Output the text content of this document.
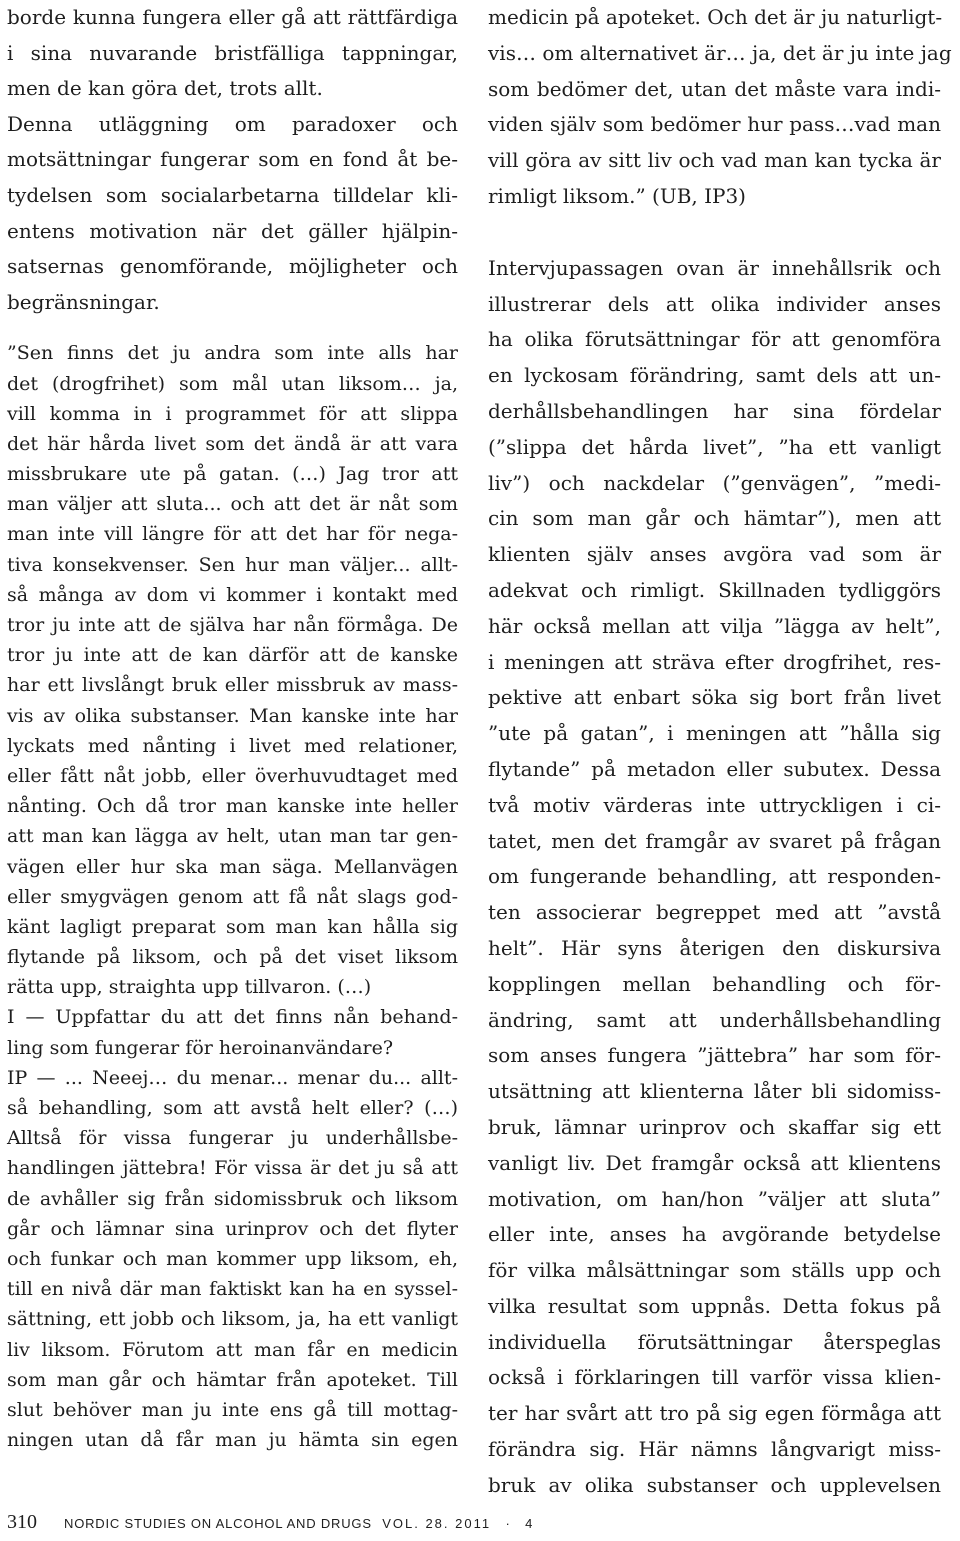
borde kunna fungera eller gå att rättfärdiga
i sina nuvarande bristfälliga tappningar,
men de kan göra det, trots allt.
Denna utläggning om paradoxer och
motsättningar fungerar som en fond åt be-
tydelsen som socialarbetarna tilldelar kli-
entens motivation när det gäller hjälpin-
satsernas genomförande, möjligheter och
begränsningar.
”Sen finns det ju andra som inte alls har
det (drogfrihet) som mål utan liksom… ja,
vill komma in i programmet för att slippa
det här hårda livet som det ändå är att vara
missbrukare ute på gatan. (…) Jag tror att
man väljer att sluta... och att det är nåt som
man inte vill längre för att det har för nega-
tiva konsekvenser. Sen hur man väljer... allt-
så många av dom vi kommer i kontakt med
tror ju inte att de själva har nån förmåga. De
tror ju inte att de kan därför att de kanske
har ett livslångt bruk eller missbruk av mass-
vis av olika substanser. Man kanske inte har
lyckats med nånting i livet med relationer,
eller fått nåt jobb, eller överhuvudtaget med
nånting. Och då tror man kanske inte heller
att man kan lägga av helt, utan man tar gen-
vägen eller hur ska man säga. Mellanvägen
eller smygvägen genom att få nåt slags god-
känt lagligt preparat som man kan hålla sig
flytande på liksom, och på det viset liksom
rätta upp, straighta upp tillvaron. (…)
I — Uppfattar du att det finns nån behand-
ling som fungerar för heroinanvändare?
IP — ... Neeej… du menar... menar du... allt-
så behandling, som att avstå helt eller? (…)
Alltså för vissa fungerar ju underhållsbe-
handlingen jättebra! För vissa är det ju så att
de avhåller sig från sidomissbruk och liksom
går och lämnar sina urinprov och det flyter
och funkar och man kommer upp liksom, eh,
till en nivå där man faktiskt kan ha en syssel-
sättning, ett jobb och liksom, ja, ha ett vanligt
liv liksom. Förutom att man får en medicin
som man går och hämtar från apoteket. Till
slut behöver man ju inte ens gå till mottag-
ningen utan då får man ju hämta sin egen
medicin på apoteket. Och det är ju naturligt-
vis… om alternativet är… ja, det är ju inte jag
som bedömer det, utan det måste vara indi-
viden själv som bedömer hur pass…vad man
vill göra av sitt liv och vad man kan tycka är
rimligt liksom.” (UB, IP3)
Intervjupassagen ovan är innehållsrik och
illustrerar dels att olika individer anses
ha olika förutsättningar för att genomföra
en lyckosam förändring, samt dels att un-
derhållsbehandlingen har sina fördelar
(”slippa det hårda livet”, ”ha ett vanligt
liv”) och nackdelar (”genvägen”, ”medi-
cin som man går och hämtar”), men att
klienten själv anses avgöra vad som är
adekvat och rimligt. Skillnaden tydliggörs
här också mellan att vilja ”lägga av helt”,
i meningen att sträva efter drogfrihet, res-
pektive att enbart söka sig bort från livet
”ute på gatan”, i meningen att ”hålla sig
flytande” på metadon eller subutex. Dessa
två motiv värderas inte uttryckligen i ci-
tatet, men det framgår av svaret på frågan
om fungerande behandling, att responden-
ten associerar begreppet med att ”avstå
helt”. Här syns återigen den diskursiva
kopplingen mellan behandling och för-
ändring, samt att underhållsbehandling
som anses fungera ”jättebra” har som för-
utsättning att klienterna låter bli sidomiss-
bruk, lämnar urinprov och skaffar sig ett
vanligt liv. Det framgår också att klientens
motivation, om han/hon ”väljer att sluta”
eller inte, anses ha avgörande betydelse
för vilka målsättningar som ställs upp och
vilka resultat som uppnås. Detta fokus på
individuella förutsättningar återspeglas
också i förklaringen till varför vissa klien-
ter har svårt att tro på sig egen förmåga att
förändra sig. Här nämns långvarigt miss-
bruk av olika substanser och upplevelsen
310 NORDIC STUDIES ON ALCOHOL AND DRUGS VOL. 28. 2011 · 4
